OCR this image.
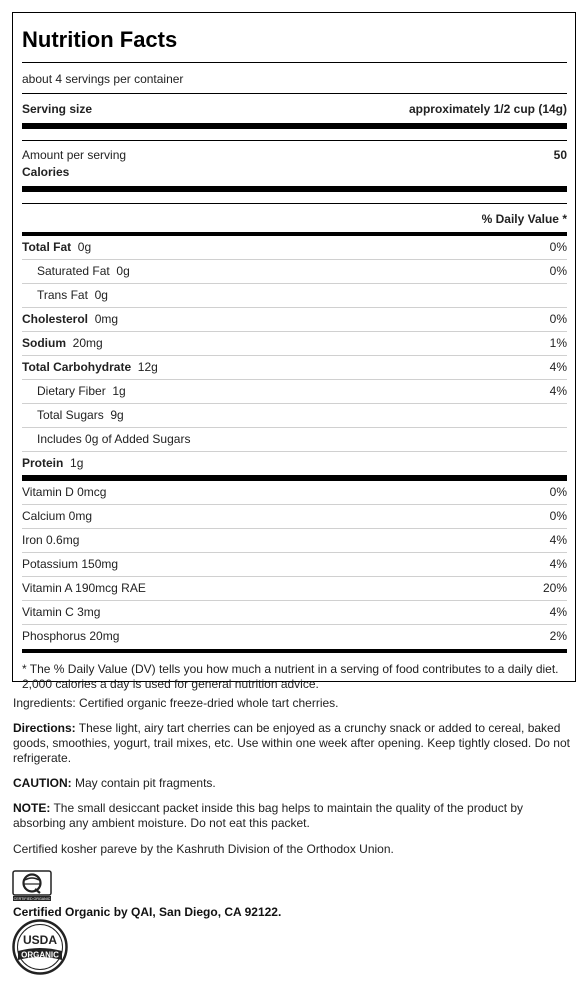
Nutrition Facts
about 4 servings per container
Serving size	approximately 1/2 cup (14g)
Amount per serving	50
Calories
% Daily Value *
Total Fat 0g	0%
Saturated Fat 0g	0%
Trans Fat 0g
Cholesterol 0mg	0%
Sodium 20mg	1%
Total Carbohydrate 12g	4%
Dietary Fiber 1g	4%
Total Sugars 9g
Includes 0g of Added Sugars
Protein 1g
Vitamin D 0mcg	0%
Calcium 0mg	0%
Iron 0.6mg	4%
Potassium 150mg	4%
Vitamin A 190mcg RAE	20%
Vitamin C 3mg	4%
Phosphorus 20mg	2%
* The % Daily Value (DV) tells you how much a nutrient in a serving of food contributes to a daily diet. 2,000 calories a day is used for general nutrition advice.
Ingredients: Certified organic freeze-dried whole tart cherries.
Directions: These light, airy tart cherries can be enjoyed as a crunchy snack or added to cereal, baked goods, smoothies, yogurt, trail mixes, etc. Use within one week after opening. Keep tightly closed. Do not refrigerate.
CAUTION: May contain pit fragments.
NOTE: The small desiccant packet inside this bag helps to maintain the quality of the product by absorbing any ambient moisture. Do not eat this packet.
Certified kosher pareve by the Kashruth Division of the Orthodox Union.
CERTIFIED ORGANIC
Certified Organic by QAI, San Diego, CA 92122.
USDA
ORGANIC
